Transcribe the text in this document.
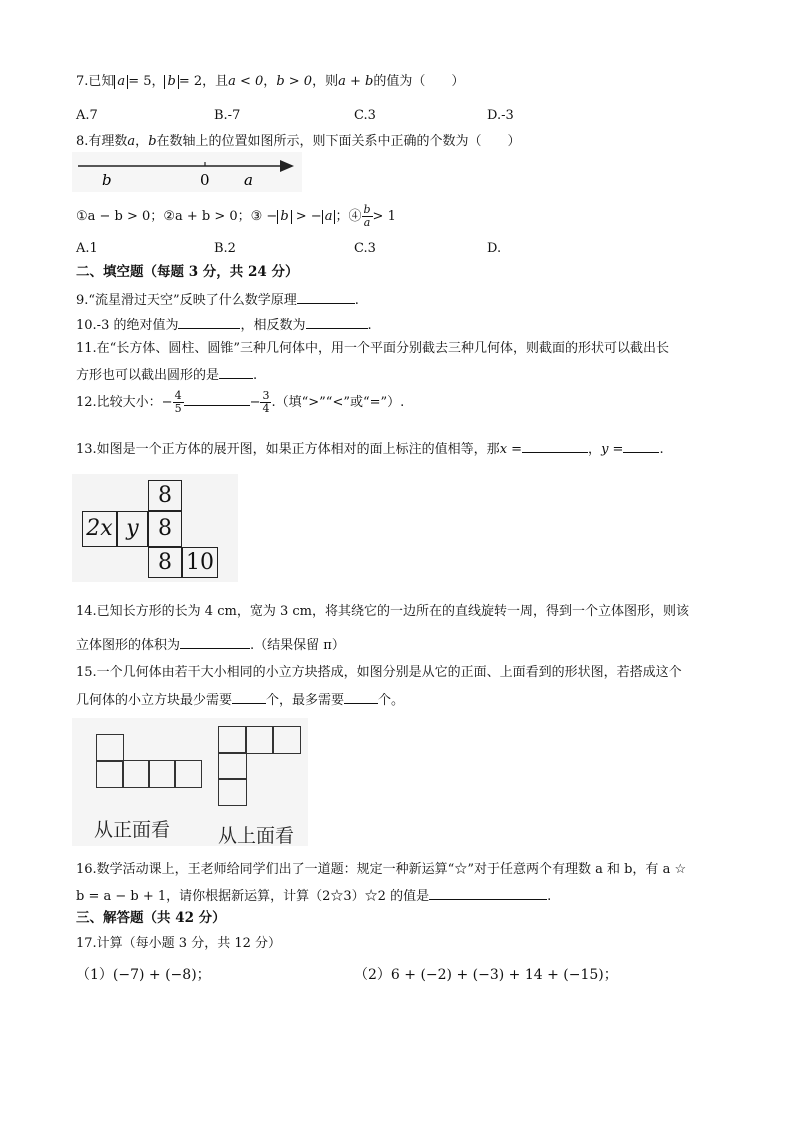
7.已知 a = 5， b = 2，且a < 0，b > 0，则a + b的值为（　　）
A.7	B.-7	C.3	D.-3
8.有理数a，b在数轴上的位置如图所示，则下面关系中正确的个数为（　　）
b	0 a
①a − b > 0；②a + b > 0；③ − b > − a ；④ $\frac{b}{a} > 1$
A.1	B.2	C.3	D.
二、填空题（每题 3 分，共 24 分）
9.“流星滑过天空”反映了什么数学原理	.
10.-3 的绝对值为	，相反数为	.
11.在“长方体、圆柱、圆锥”三种几何体中，用一个平面分别截去三种几何体，则截面的形状可以截出长
方形也可以截出圆形的是	.
12.比较大小：− $\frac{4}{5}$	− $\frac{3}{4}$ .（填“>”“<”或“=”）.
13.如图是一个正方体的展开图，如果正方体相对的面上标注的值相等，那x =	，y =	.
8
2x y 8
8 10
14.已知长方形的长为 4 cm，宽为 3 cm，将其绕它的一边所在的直线旋转一周，得到一个立体图形，则该
立体图形的体积为	.（结果保留 π）
15.一个几何体由若干大小相同的小立方块搭成，如图分别是从它的正面、上面看到的形状图，若搭成这个
几何体的小立方块最少需要	个，最多需要	个。
从正面看	从上面看
16.数学活动课上，王老师给同学们出了一道题：规定一种新运算“☆”对于任意两个有理数 a 和 b，有 a ☆
b = a − b + 1，请你根据新运算，计算（2☆3）☆2 的值是	.
三、解答题（共 42 分）
17.计算（每小题 3 分，共 12 分）
（1）(−7) + (−8)；	（2）6 + (−2) + (−3) + 14 + (−15)；
